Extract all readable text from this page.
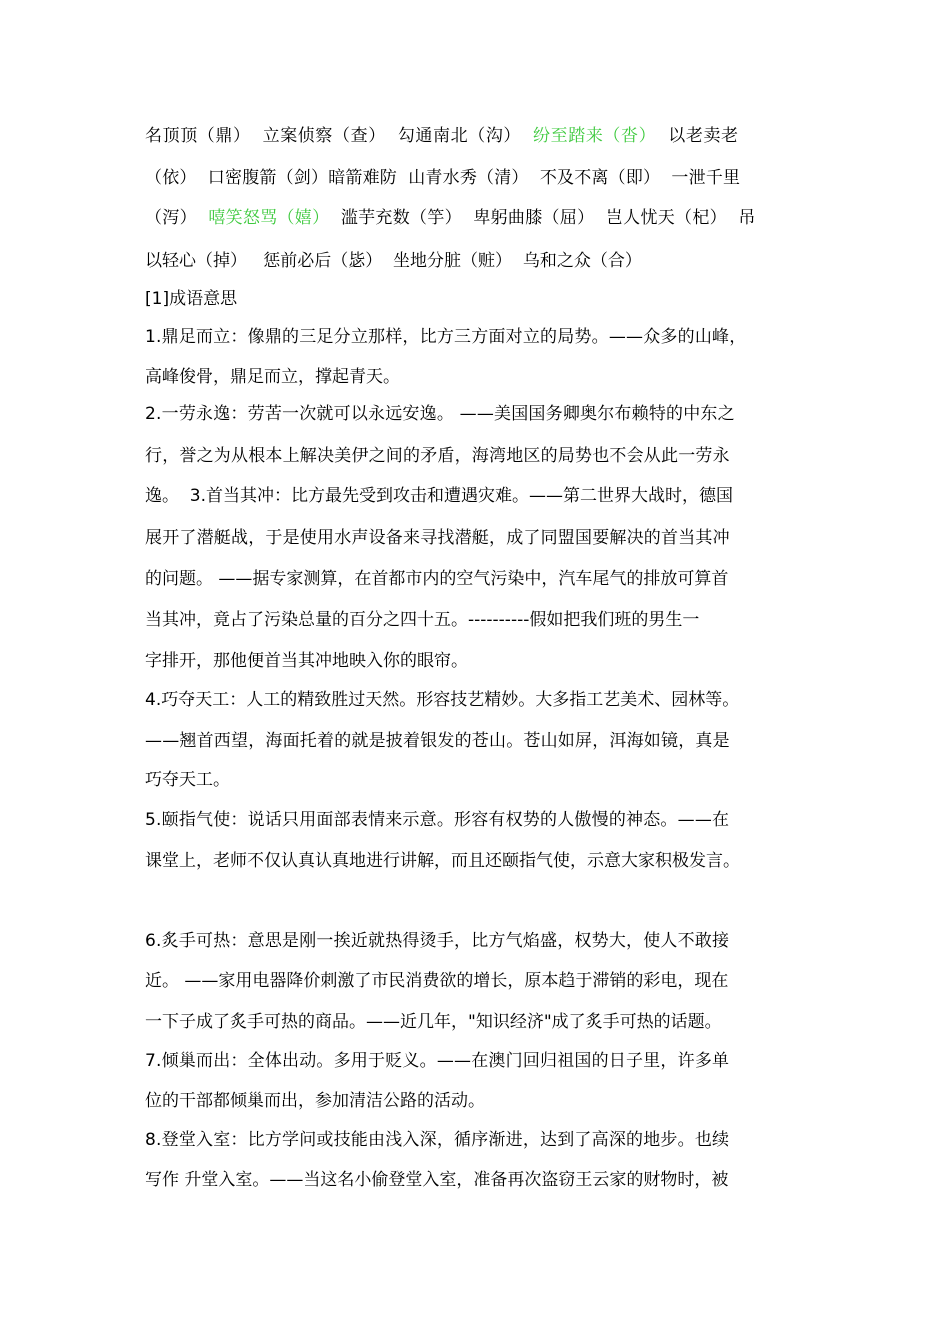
名顶顶（鼎）  立案侦察（查）  勾通南北（沟）  纷至踏来（沓）  以老卖老
（依）  口密腹箭（剑）暗箭难防  山青水秀（清）  不及不离（即）  一泄千里
（泻）  嘻笑怒骂（嬉）  滥芋充数（竽）  卑躬曲膝（屈）  岂人忧天（杞）  吊
以轻心（掉）   惩前必后（毖）  坐地分脏（赃）  乌和之众（合）
[1]成语意思
1.鼎足而立：像鼎的三足分立那样，比方三方面对立的局势。——众多的山峰，
高峰俊骨，鼎足而立，撑起青天。
2.一劳永逸：劳苦一次就可以永远安逸。 ——美国国务卿奥尔布赖特的中东之
行，誉之为从根本上解决美伊之间的矛盾，海湾地区的局势也不会从此一劳永
逸。  3.首当其冲：比方最先受到攻击和遭遇灾难。——第二世界大战时，德国
展开了潜艇战，于是使用水声设备来寻找潜艇，成了同盟国要解决的首当其冲
的问题。 ——据专家测算，在首都市内的空气污染中，汽车尾气的排放可算首
当其冲，竟占了污染总量的百分之四十五。----------假如把我们班的男生一
字排开，那他便首当其冲地映入你的眼帘。
4.巧夺天工：人工的精致胜过天然。形容技艺精妙。大多指工艺美术、园林等。
——翘首西望，海面托着的就是披着银发的苍山。苍山如屏，洱海如镜，真是
巧夺天工。
5.颐指气使：说话只用面部表情来示意。形容有权势的人傲慢的神态。——在
课堂上，老师不仅认真认真地进行讲解，而且还颐指气使，示意大家积极发言。
6.炙手可热：意思是刚一挨近就热得烫手，比方气焰盛，权势大，使人不敢接
近。 ——家用电器降价刺激了市民消费欲的增长，原本趋于滞销的彩电，现在
一下子成了炙手可热的商品。——近几年，"知识经济"成了炙手可热的话题。
7.倾巢而出：全体出动。多用于贬义。——在澳门回归祖国的日子里，许多单
位的干部都倾巢而出，参加清洁公路的活动。
8.登堂入室：比方学问或技能由浅入深，循序渐进，达到了高深的地步。也续
写作 升堂入室。——当这名小偷登堂入室，准备再次盗窃王云家的财物时，被
